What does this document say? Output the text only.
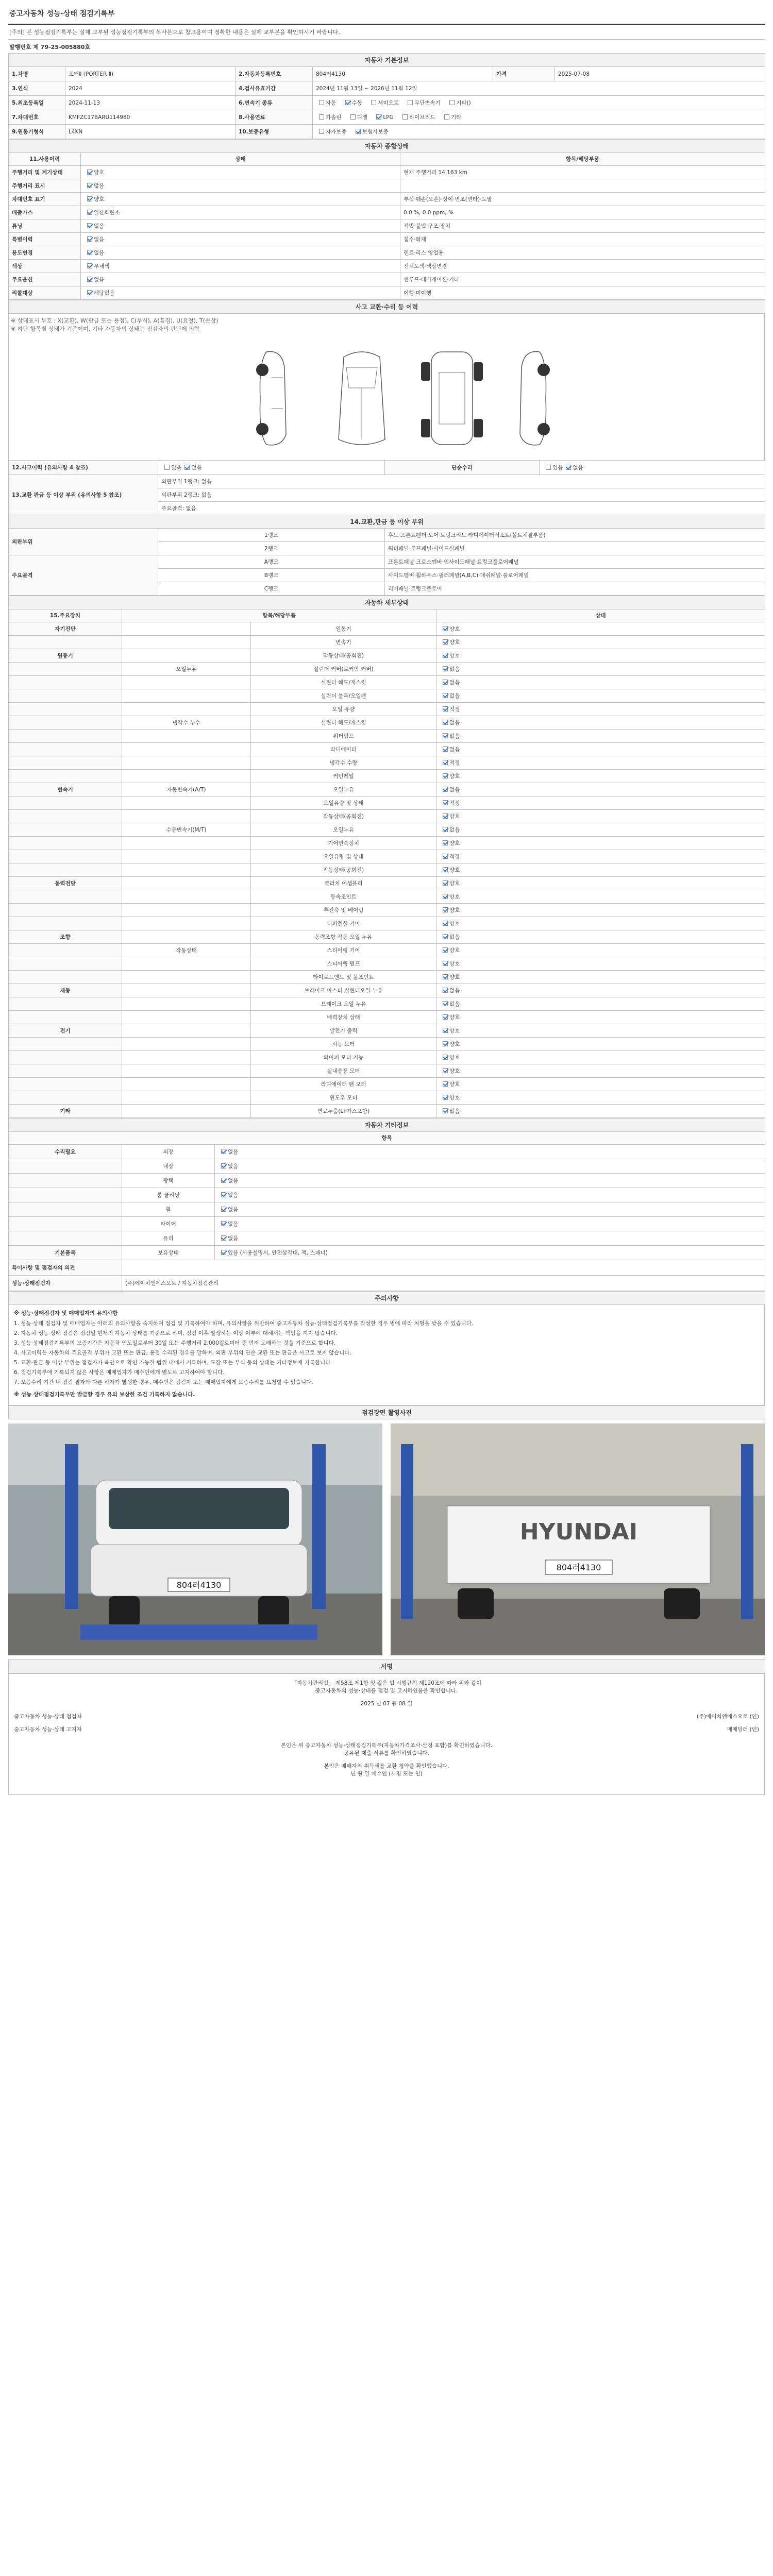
중고자동차 성능·상태 점검기록부
[주의] 본 성능점검기록부는 실제 교부된 성능점검기록부의 복사본으로 참고용이며 정확한 내용은 실제 교부본을 확인하시기 바랍니다.
발행번호 제 79-25-005880호
자동차 기본정보					
1.차명	포터Ⅱ (PORTER Ⅱ)	2.자동차등록번호	804러4130	가격	2025-07-08
3.연식	2024	4.검사유효기간	2024년 11월 13일 ~ 2026년 11월 12일		
5.최초등록일	2024-11-13	6.변속기 종류	자동 수동 세미오토 무단변속기 기타()		
7.차대번호	KMFZC17BARU114980	8.사용연료	가솔린 디젤 LPG 하이브리드 기타		
9.원동기형식	L4KN	10.보증유형	자가보증 보험사보증		
자동차 종합상태		
11.사용이력	상태	항목/해당부품
주행거리 및 계기상태	양호	현재 주행거리 14,163 km
주행거리 표시	많음	
차대번호 표기	양호	부식·훼손(오손)·상이·변조(변타)·도말
배출가스	일산화탄소	0.0 %, 0.0 ppm, %
튜닝	없음	적법·불법·구조·장치
특별이력	없음	침수·화재
용도변경	없음	렌트·리스·영업용
색상	무채색	전체도색·색상변경
주요옵션	없음	썬루프·네비게이션·기타
리콜대상	해당없음	이행·미이행
사고 교환·수리 등 이력
※ 상태표시 부호 : X(교환), W(판금 또는 용접), C(부식), A(흠집), U(요철), T(손상)
※ 하단 항목별 상태가 기준이며, 기타 자동차의 상태는 점검자의 판단에 의함
12.사고이력 (유의사항 4 참조)	있음 없음	단순수리	있음 없음
13.교환 판금 등 이상 부위 (유의사항 5 참조)	외판부위 1랭크: 없음		
	외판부위 2랭크: 없음		
	주요골격: 없음		
14.교환,판금 등 이상 부위			
외판부위	1랭크	후드·프론트펜더·도어·트렁크리드·라디에이터서포트(볼트체결부품)	
	2랭크	쿼터패널·루프패널·사이드실패널	
주요골격	A랭크	프론트패널·크로스멤버·인사이드패널·트렁크플로어패널	
	B랭크	사이드멤버·휠하우스·필러패널(A,B,C)·대쉬패널·플로어패널	
	C랭크	리어패널·트렁크플로어	
자동차 세부상태			
15.주요장치	항목/해당부품		상태
자기진단		원동기	양호
		변속기	양호
원동기		작동상태(공회전)	양호
	오일누유	실린더 커버(로커암 커버)	없음
		실린더 헤드/개스킷	없음
		실린더 블록/오일팬	없음
		오일 유량	적정
	냉각수 누수	실린더 헤드/개스킷	없음
		워터펌프	없음
		라디에이터	없음
		냉각수 수량	적정
		커먼레일	양호
변속기	자동변속기(A/T)	오일누유	없음
		오일유량 및 상태	적정
		작동상태(공회전)	양호
	수동변속기(M/T)	오일누유	없음
		기어변속장치	양호
		오일유량 및 상태	적정
		작동상태(공회전)	양호
동력전달		클러치 어셈블리	양호
		등속조인트	양호
		추진축 및 베어링	양호
		디퍼렌셜 기어	양호
조향		동력조향 작동 오일 누유	없음
	작동상태	스티어링 기어	양호
		스티어링 펌프	양호
		타이로드엔드 및 볼조인트	양호
제동		브레이크 마스터 실린더오일 누유	없음
		브레이크 오일 누유	없음
		배력장치 상태	양호
전기		발전기 출력	양호
		시동 모터	양호
		와이퍼 모터 기능	양호
		실내송풍 모터	양호
		라디에이터 팬 모터	양호
		윈도우 모터	양호
기타		연료누출(LP가스포함)	없음
자동차 기타정보		
항목		
수리필요	외장	없음
	내장	없음
	광택	없음
	룸 클리닝	없음
	휠	없음
	타이어	없음
	유리	없음
기본품목	보유상태	있음 (사용설명서, 안전삼각대, 잭, 스패너)
특이사항 및 점검자의 의견		
성능·상태점검자	(주)에이치엔에스오토 / 자동차점검관리	
주의사항

※ 성능·상태점검자 및 매매업자의 유의사항

1. 성능·상태 점검자 및 매매업자는 아래의 유의사항을 숙지하여 점검 및 기록하여야 하며, 유의사항을 위반하여 중고자동차 성능·상태점검기록부를 작성한 경우 법에 따라 처벌을 받을 수 있습니다.

2. 자동차 성능·상태 점검은 점검일 현재의 자동차 상태를 기준으로 하며, 점검 이후 발생하는 이상 여부에 대해서는 책임을 지지 않습니다.

3. 성능·상태점검기록부의 보증기간은 자동차 인도일로부터 30일 또는 주행거리 2,000킬로미터 중 먼저 도래하는 것을 기준으로 합니다.

4. 사고이력은 자동차의 주요골격 부위가 교환 또는 판금, 용접 수리된 경우를 말하며, 외판 부위의 단순 교환 또는 판금은 사고로 보지 않습니다.

5. 교환·판금 등 이상 부위는 점검자가 육안으로 확인 가능한 범위 내에서 기록하며, 도장 또는 부식 등의 상태는 기타정보에 기록합니다.

6. 점검기록부에 기록되지 않은 사항은 매매업자가 매수인에게 별도로 고지하여야 합니다.

7. 보증수리 기간 내 점검 결과와 다른 하자가 발생한 경우, 매수인은 점검자 또는 매매업자에게 보증수리를 요청할 수 있습니다.

※ 성능 상태점검기록부만 발급할 경우 유의 보상한 조건 기록하지 않습니다.

점검장면 촬영사진
804러4130
HYUNDAI
804러4130
서명
「자동차관리법」 제58조 제1항 및 같은 법 시행규칙 제120조에 따라 위와 같이
중고자동차의 성능·상태를 점검 및 고지하였음을 확인합니다.
2025 년 07 월 08 일
중고자동차 성능·상태 점검자	(주)에이치엔에스오토 (인)
중고자동차 성능·상태 고지자	매매딜러 (인)
본인은 위 중고자동차 성능·상태점검기록부(자동차가격조사·산정 포함)를 확인하였습니다.
공유된 제출 서류를 확인하였습니다.
본인은 매매자의 취득세를 교환 청약을 확인했습니다.
년 월 일 매수인 (서명 또는 인)
